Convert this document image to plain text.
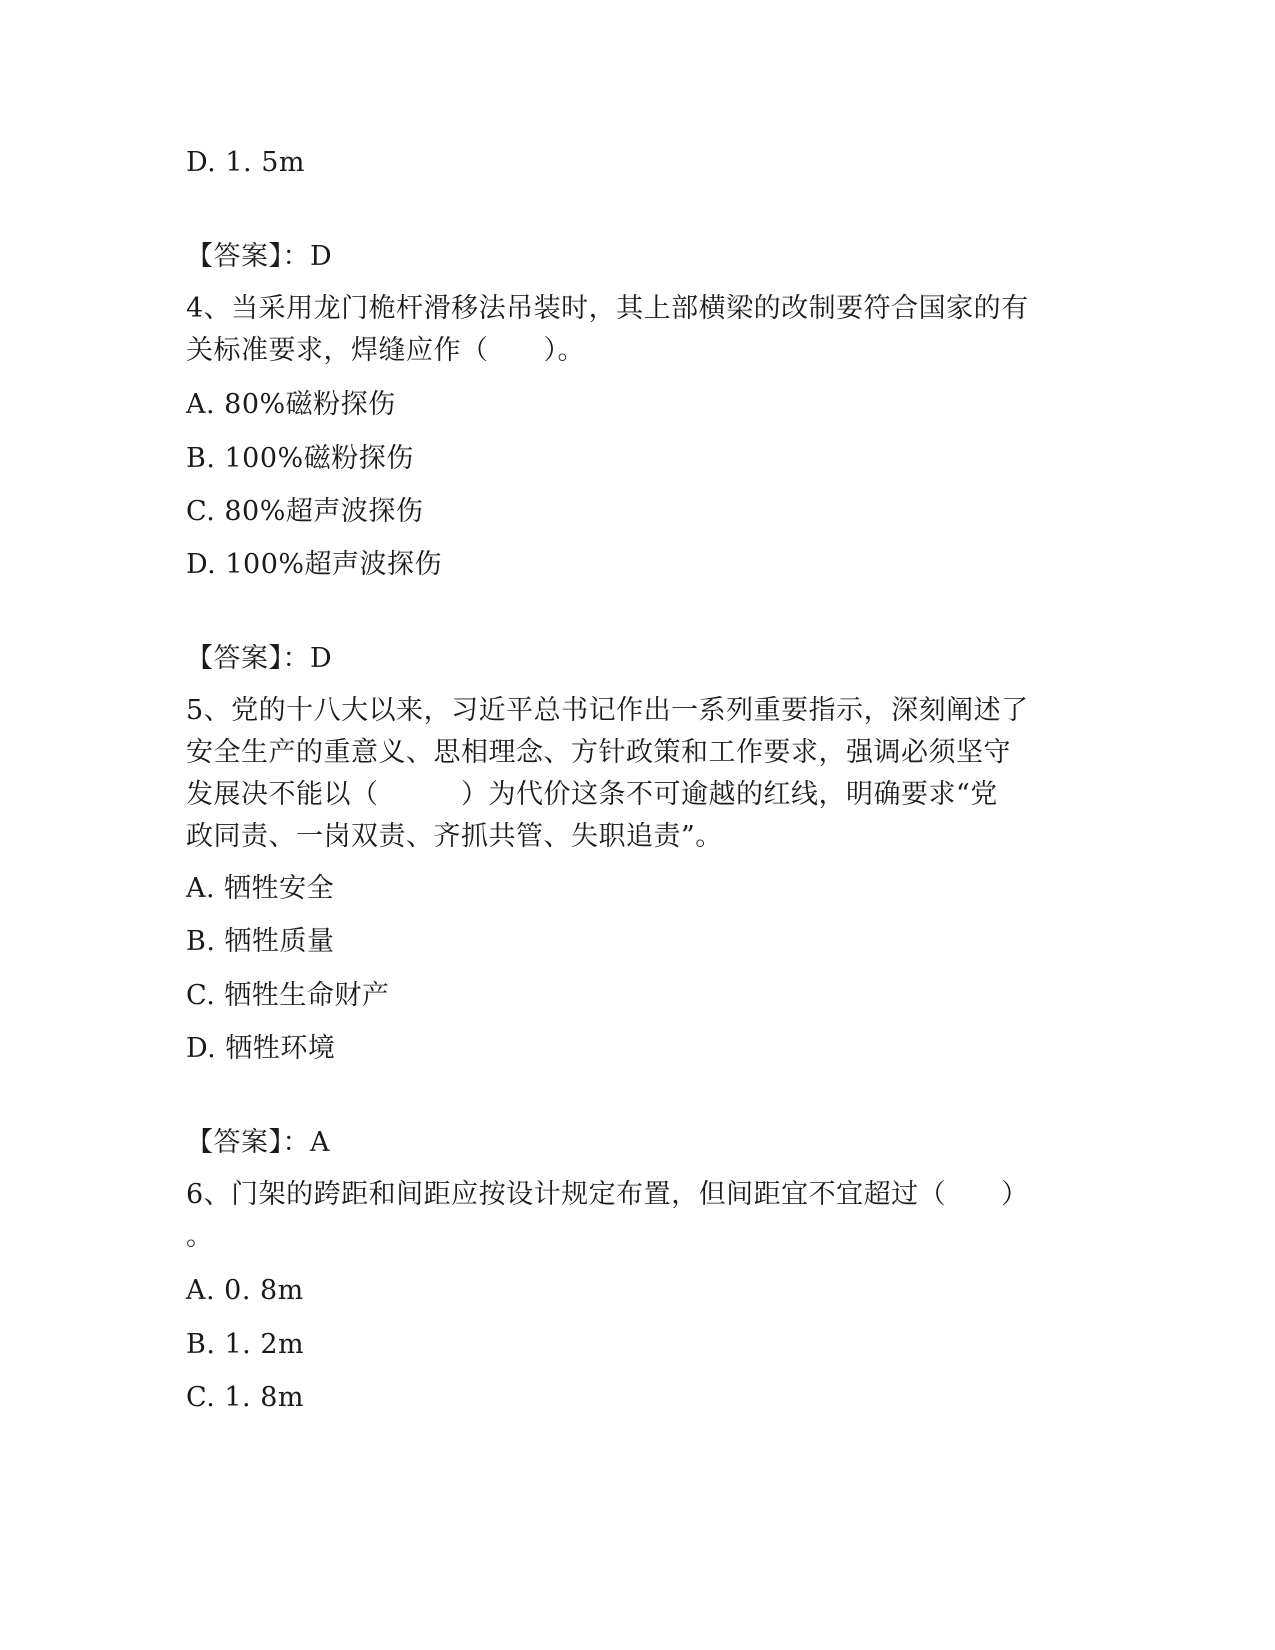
D. 1. 5m
【答案】：D
4、当采用龙门桅杆滑移法吊装时，其上部横梁的改制要符合国家的有
关标准要求，焊缝应作（　　）。
A. 80%磁粉探伤
B. 100%磁粉探伤
C. 80%超声波探伤
D. 100%超声波探伤
【答案】：D
5、党的十八大以来，习近平总书记作出一系列重要指示，深刻阐述了
安全生产的重意义、思相理念、方针政策和工作要求，强调必须坚守
发展决不能以（　　　）为代价这条不可逾越的红线，明确要求“党
政同责、一岗双责、齐抓共管、失职追责”。
A. 牺牲安全
B. 牺牲质量
C. 牺牲生命财产
D. 牺牲环境
【答案】：A
6、门架的跨距和间距应按设计规定布置，但间距宜不宜超过（　　）
。
A. 0. 8m
B. 1. 2m
C. 1. 8m
